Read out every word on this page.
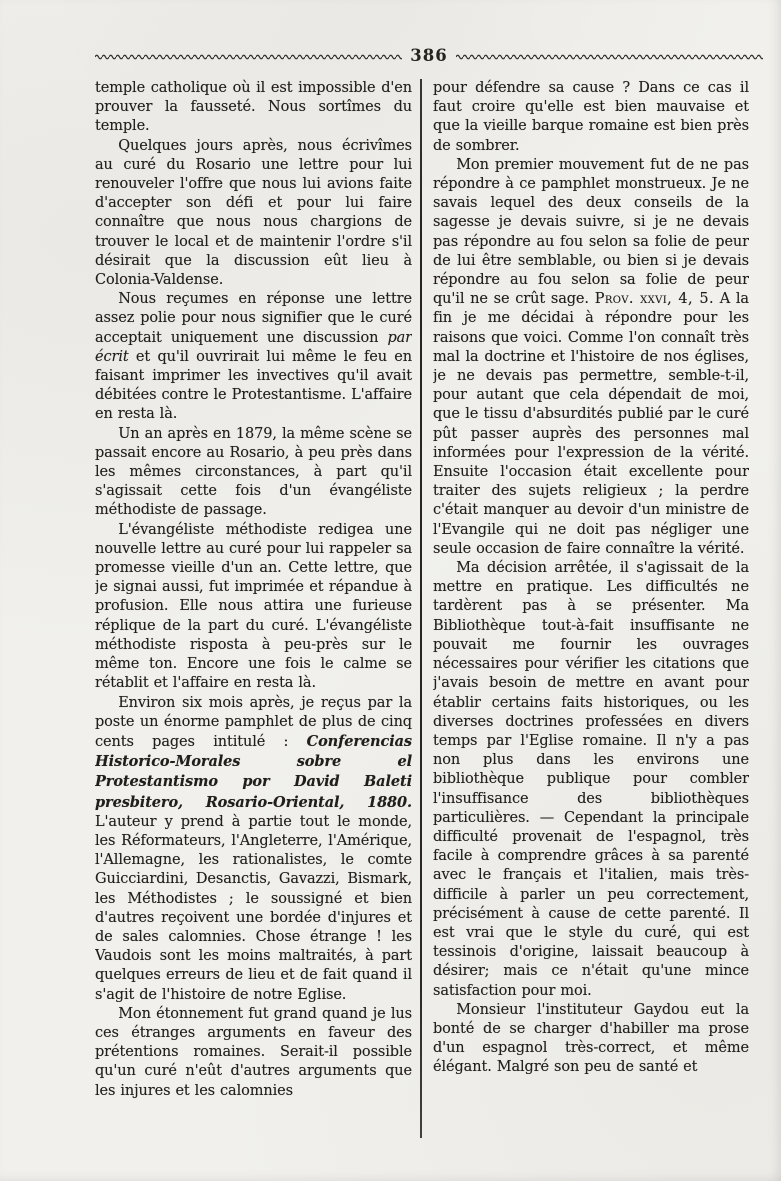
386

temple catholique où il est impossible d'en prouver la fausseté. Nous sortîmes du temple.

Quelques jours après, nous écrivîmes au curé du Rosario une lettre pour lui renouveler l'offre que nous lui avions faite d'accepter son défi et pour lui faire connaître que nous nous chargions de trouver le local et de maintenir l'ordre s'il désirait que la discussion eût lieu à Colonia-Valdense.

Nous reçumes en réponse une lettre assez polie pour nous signifier que le curé acceptait uniquement une discussion par écrit et qu'il ouvrirait lui même le feu en faisant imprimer les invectives qu'il avait débitées contre le Protestantisme. L'affaire en resta là.

Un an après en 1879, la même scène se passait encore au Rosario, à peu près dans les mêmes circonstances, à part qu'il s'agissait cette fois d'un évangéliste méthodiste de passage.

L'évangéliste méthodiste redigea une nouvelle lettre au curé pour lui rappeler sa promesse vieille d'un an. Cette lettre, que je signai aussi, fut imprimée et répandue à profusion. Elle nous attira une furieuse réplique de la part du curé. L'évangéliste méthodiste risposta à peu-près sur le même ton. Encore une fois le calme se rétablit et l'affaire en resta là.

Environ six mois après, je reçus par la poste un énorme pamphlet de plus de cinq cents pages intitulé : Conferencias Historico-Morales sobre el Protestantismo por David Baleti presbitero, Rosario-Oriental, 1880. L'auteur y prend à partie tout le monde, les Réformateurs, l'Angleterre, l'Amérique, l'Allemagne, les rationalistes, le comte Guicciardini, Desanctis, Gavazzi, Bismark, les Méthodistes ; le soussigné et bien d'autres reçoivent une bordée d'injures et de sales calomnies. Chose étrange ! les Vaudois sont les moins maltraités, à part quelques erreurs de lieu et de fait quand il s'agit de l'histoire de notre Eglise.

Mon étonnement fut grand quand je lus ces étranges arguments en faveur des prétentions romaines. Serait-il possible qu'un curé n'eût d'autres arguments que les injures et les calomnies

pour défendre sa cause ? Dans ce cas il faut croire qu'elle est bien mauvaise et que la vieille barque romaine est bien près de sombrer.

Mon premier mouvement fut de ne pas répondre à ce pamphlet monstrueux. Je ne savais lequel des deux conseils de la sagesse je devais suivre, si je ne devais pas répondre au fou selon sa folie de peur de lui être semblable, ou bien si je devais répondre au fou selon sa folie de peur qu'il ne se crût sage. Prov. xxvi, 4, 5. A la fin je me décidai à répondre pour les raisons que voici. Comme l'on connaît très mal la doctrine et l'histoire de nos églises, je ne devais pas permettre, semble-t-il, pour autant que cela dépendait de moi, que le tissu d'absurdités publié par le curé pût passer auprès des personnes mal informées pour l'expression de la vérité. Ensuite l'occasion était excellente pour traiter des sujets religieux ; la perdre c'était manquer au devoir d'un ministre de l'Evangile qui ne doit pas négliger une seule occasion de faire connaître la vérité.

Ma décision arrêtée, il s'agissait de la mettre en pratique. Les difficultés ne tardèrent pas à se présenter. Ma Bibliothèque tout-à-fait insuffisante ne pouvait me fournir les ouvrages nécessaires pour vérifier les citations que j'avais besoin de mettre en avant pour établir certains faits historiques, ou les diverses doctrines professées en divers temps par l'Eglise romaine. Il n'y a pas non plus dans les environs une bibliothèque publique pour combler l'insuffisance des bibliothèques particulières. — Cependant la principale difficulté provenait de l'espagnol, très facile à comprendre grâces à sa parenté avec le français et l'italien, mais très-difficile à parler un peu correctement, précisément à cause de cette parenté. Il est vrai que le style du curé, qui est tessinois d'origine, laissait beaucoup à désirer; mais ce n'était qu'une mince satisfaction pour moi.

Monsieur l'instituteur Gaydou eut la bonté de se charger d'habiller ma prose d'un espagnol très-correct, et même élégant. Malgré son peu de santé et
